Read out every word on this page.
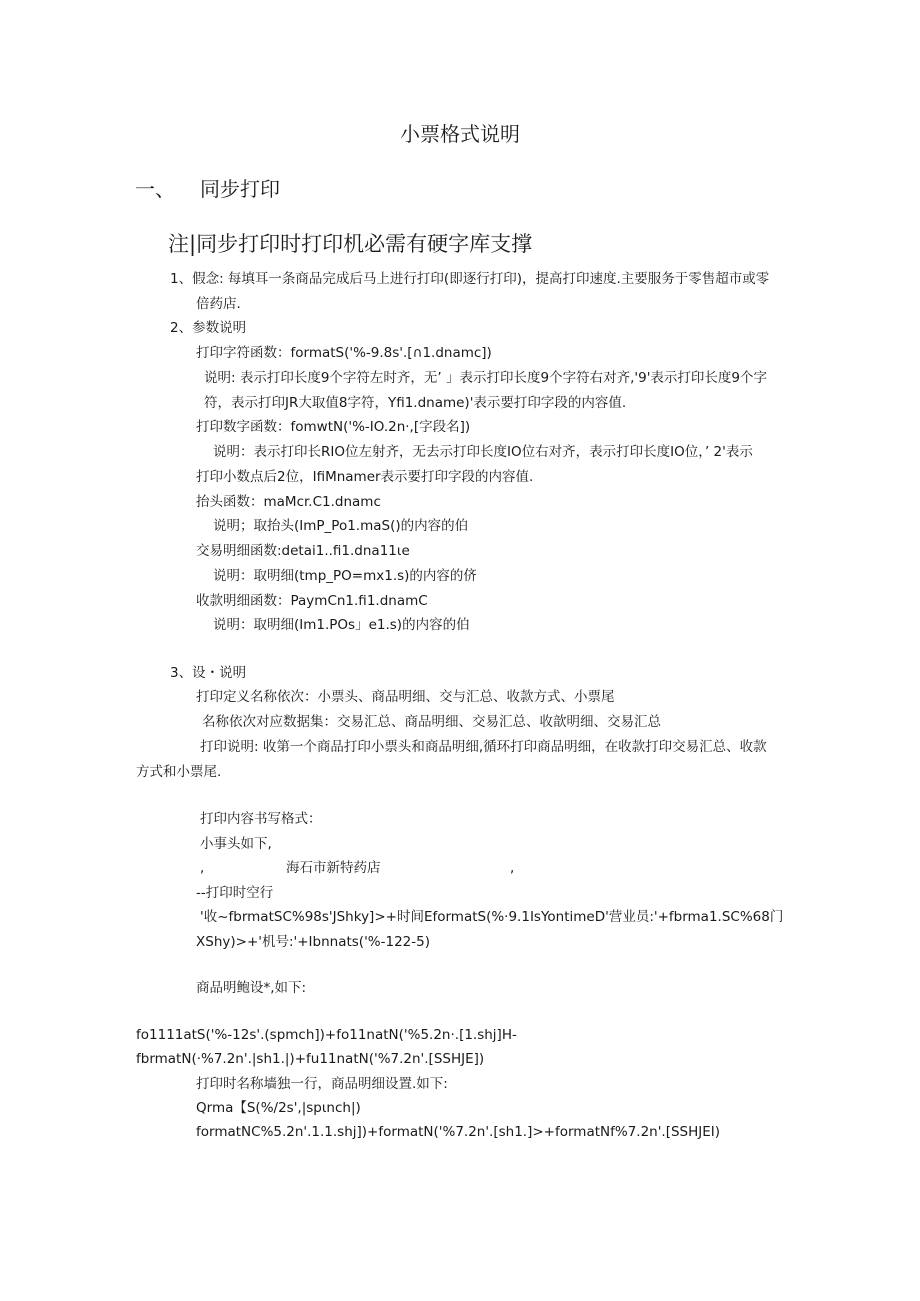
小票格式说明
一、 同步打印
注|同步打印时打印机必需有硬字库支撑
1、假念: 每填耳一条商品完成后马上进行打印(即逐行打印)，提高打印速度.主要服务于零售超市或零
倍药店.
2、参数说明
打印字符函数：formatS('%-9.8s'.[∩1.dnamc])
说明: 表示打印长度9个字符左时齐，无’ 」表示打印长度9个字符右对齐,'9'表示打印长度9个字
符，表示打印JR大取值8字符，Yfi1.dname)'表示要打印字段的内容值.
打印数字函数：fomwtN('%-IO.2n·,[字段名])
说明：表示打印长RIO位左射齐，无去示打印长度IO位右对齐，表示打印长度IO位，’ 2'表示
打印小数点后2位，IfiMnamer表示要打印字段的内容值.
抬头函数：maMcr.C1.dnamc
说明；取抬头(ImP_Po1.maS()的内容的伯
交易明细函数:detai1..fi1.dna11ιe
说明：取明细(tmp_PO=mx1.s)的内容的侪
收款明细函数：PaymCn1.fi1.dnamC
说明：取明细(Im1.POs」e1.s)的内容的伯
3、设・说明
打印定义名称依次：小票头、商品明细、交与汇总、收款方式、小票尾
名称依次对应数据集：交易汇总、商品明细、交易汇总、收歆明细、交易汇总
打印说明: 收第一个商品打印小票头和商品明细,循环打印商品明细，在收款打印交易汇总、收款
方式和小票尾.
打印内容书写格式：
小事头如下,
,	海石市新特药店	,
--打印时空行
'收~fbrmatSC%98s'JShky]>+时间EformatS(%·9.1IsYontimeD'营业员:'+fbrma1.SC%68门
XShy)>+'机号:'+Ibnnats('%-122-5)
商品明鲍设*,如下:
fo1111atS('%-12s'.(spmch])+fo11natN('%5.2n·.[1.shj]H-
fbrmatN(·%7.2n'.|sh1.|)+fu11natN('%7.2n'.[SSHJE])
打印时名称墙独一行，商品明细设置.如下:
Qrma【S(%/2s',|spιnch|)
formatNC%5.2n'.1.1.shj])+formatN('%7.2n'.[sh1.]>+formatNf%7.2n'.[SSHJEI)
